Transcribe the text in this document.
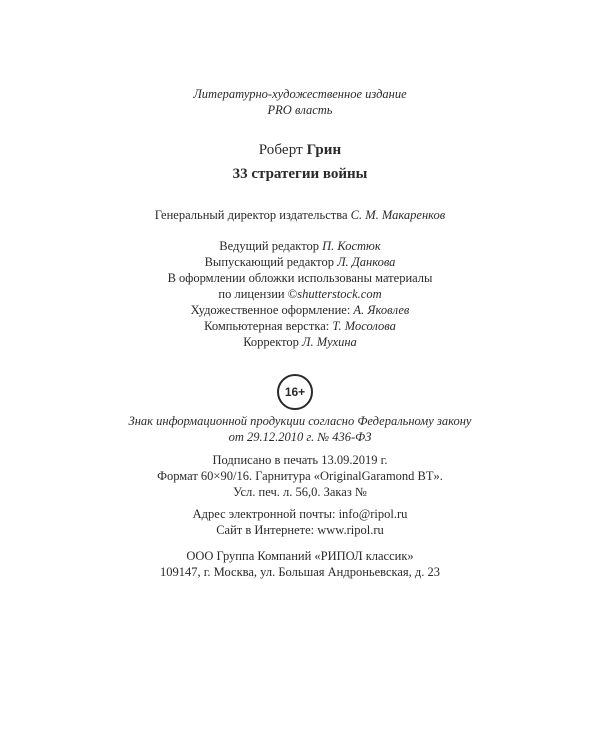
Литературно-художественное издание
PRO власть
Роберт Грин
33 стратегии войны
Генеральный директор издательства С. М. Макаренков
Ведущий редактор П. Костюк
Выпускающий редактор Л. Данкова
В оформлении обложки использованы материалы
по лицензии ©shutterstock.com
Художественное оформление: А. Яковлев
Компьютерная верстка: Т. Мосолова
Корректор Л. Мухина
16+
Знак информационной продукции согласно Федеральному закону
от 29.12.2010 г. № 436-ФЗ
Подписано в печать 13.09.2019 г.
Формат 60×90/16. Гарнитура «OriginalGaramond BT».
Усл. печ. л. 56,0. Заказ №
Адрес электронной почты: info@ripol.ru
Сайт в Интернете: www.ripol.ru
ООО Группа Компаний «РИПОЛ классик»
109147, г. Москва, ул. Большая Андроньевская, д. 23
